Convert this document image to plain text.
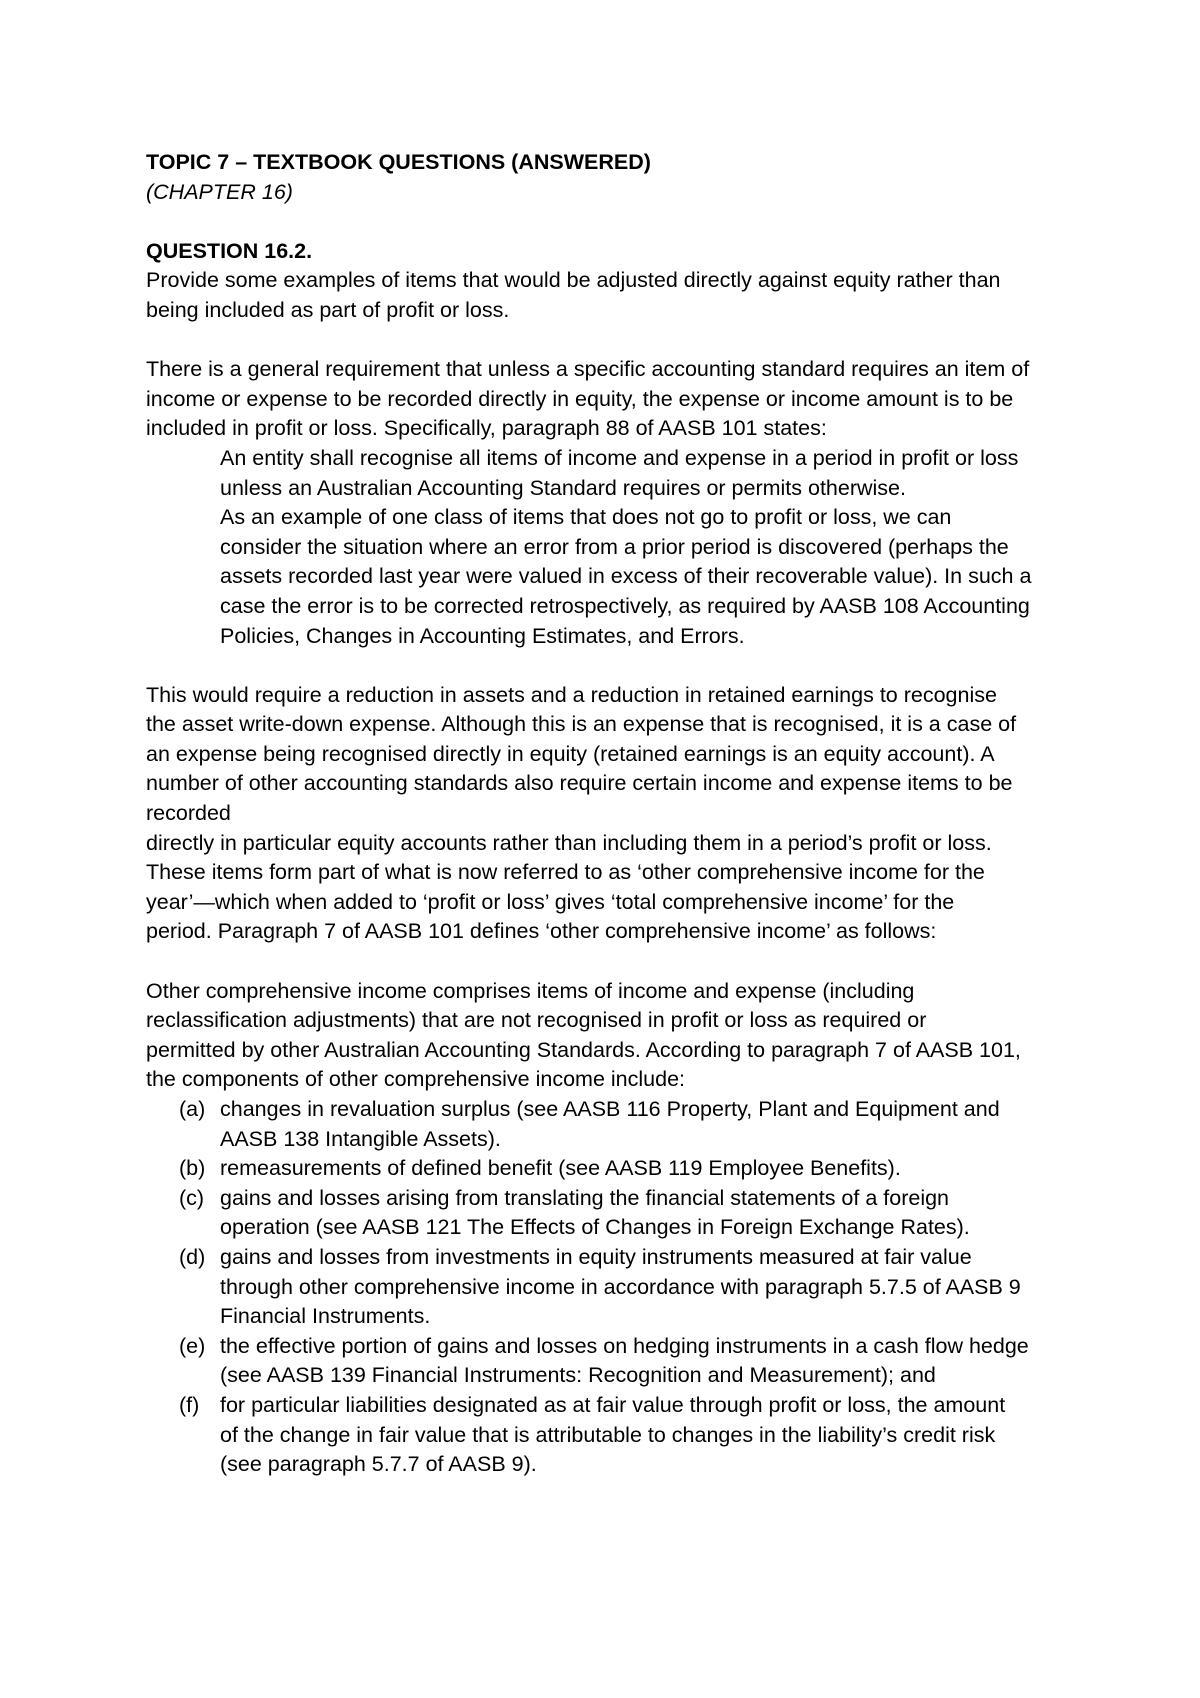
TOPIC 7 – TEXTBOOK QUESTIONS (ANSWERED)
(CHAPTER 16)
QUESTION 16.2.
Provide some examples of items that would be adjusted directly against equity rather than
being included as part of profit or loss.
There is a general requirement that unless a specific accounting standard requires an item of
income or expense to be recorded directly in equity, the expense or income amount is to be
included in profit or loss. Specifically, paragraph 88 of AASB 101 states:
An entity shall recognise all items of income and expense in a period in profit or loss
unless an Australian Accounting Standard requires or permits otherwise.
As an example of one class of items that does not go to profit or loss, we can
consider the situation where an error from a prior period is discovered (perhaps the
assets recorded last year were valued in excess of their recoverable value). In such a
case the error is to be corrected retrospectively, as required by AASB 108 Accounting
Policies, Changes in Accounting Estimates, and Errors.
This would require a reduction in assets and a reduction in retained earnings to recognise
the asset write-down expense. Although this is an expense that is recognised, it is a case of
an expense being recognised directly in equity (retained earnings is an equity account). A
number of other accounting standards also require certain income and expense items to be
recorded
directly in particular equity accounts rather than including them in a period’s profit or loss.
These items form part of what is now referred to as ‘other comprehensive income for the
year’—which when added to ‘profit or loss’ gives ‘total comprehensive income’ for the
period. Paragraph 7 of AASB 101 defines ‘other comprehensive income’ as follows:
Other comprehensive income comprises items of income and expense (including
reclassification adjustments) that are not recognised in profit or loss as required or
permitted by other Australian Accounting Standards. According to paragraph 7 of AASB 101,
the components of other comprehensive income include:
(a) changes in revaluation surplus (see AASB 116 Property, Plant and Equipment and
AASB 138 Intangible Assets).
(b) remeasurements of defined benefit (see AASB 119 Employee Benefits).
(c) gains and losses arising from translating the financial statements of a foreign
operation (see AASB 121 The Effects of Changes in Foreign Exchange Rates).
(d) gains and losses from investments in equity instruments measured at fair value
through other comprehensive income in accordance with paragraph 5.7.5 of AASB 9
Financial Instruments.
(e) the effective portion of gains and losses on hedging instruments in a cash flow hedge
(see AASB 139 Financial Instruments: Recognition and Measurement); and
(f) for particular liabilities designated as at fair value through profit or loss, the amount
of the change in fair value that is attributable to changes in the liability’s credit risk
(see paragraph 5.7.7 of AASB 9).
